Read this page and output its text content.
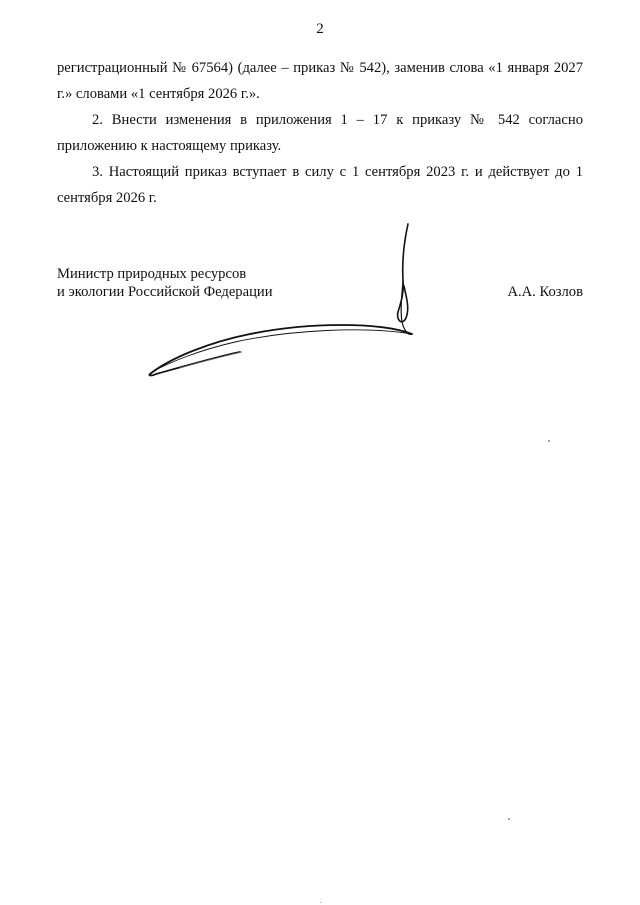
2

регистрационный № 67564) (далее – приказ № 542), заменив слова «1 января 2027 г.» словами «1 сентября 2026 г.».

2. Внести изменения в приложения 1 – 17 к приказу № 542 согласно приложению к настоящему приказу.

3. Настоящий приказ вступает в силу с 1 сентября 2023 г. и действует до 1 сентября 2026 г.

Министр природных ресурсов
и экологии Российской Федерации	А.А. Козлов
